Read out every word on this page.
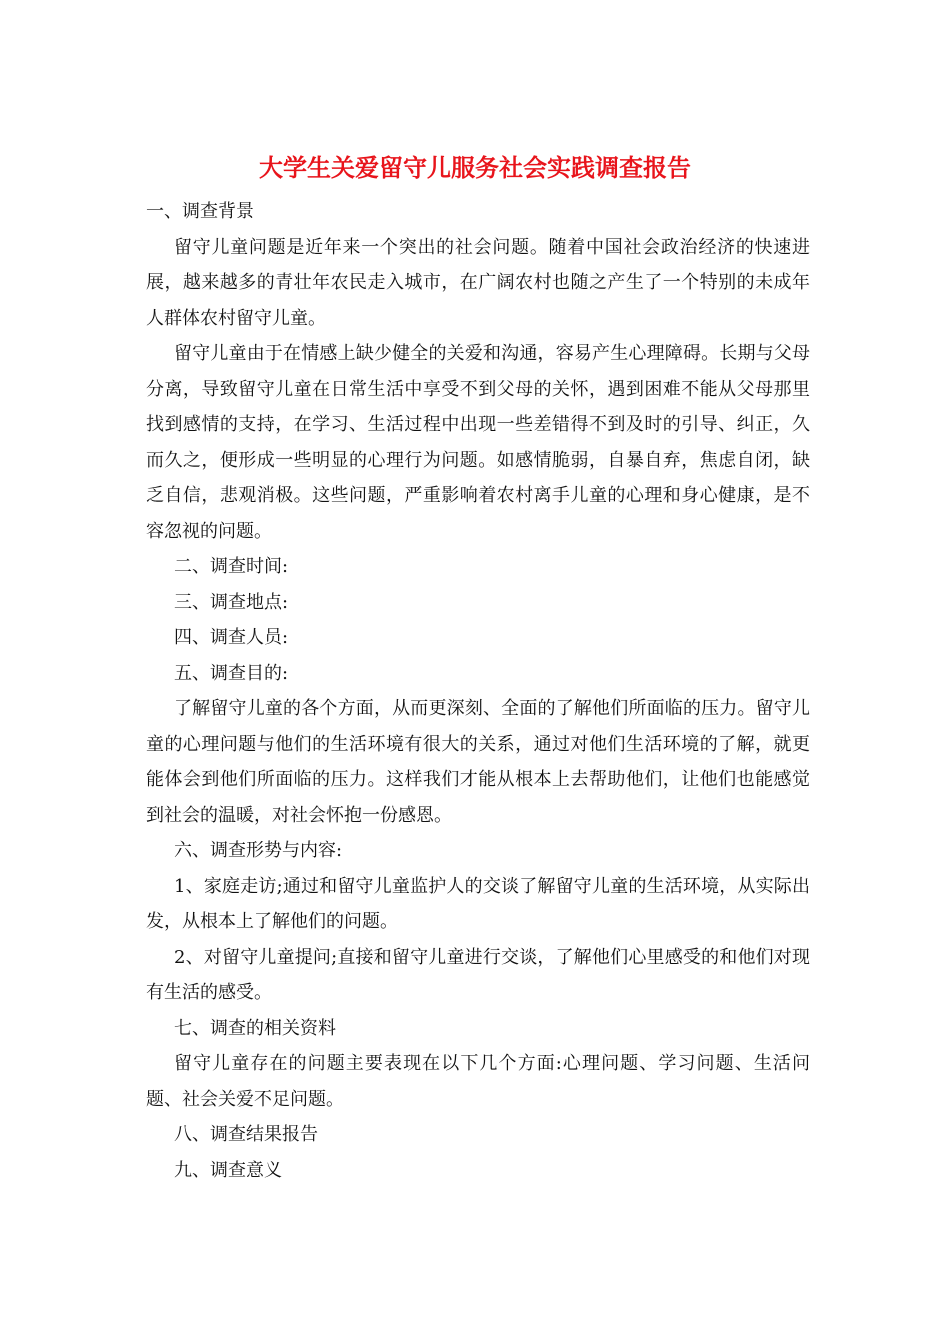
大学生关爱留守儿服务社会实践调查报告

一、调查背景

留守儿童问题是近年来一个突出的社会问题。随着中国社会政治经济的快速进展，越来越多的青壮年农民走入城市，在广阔农村也随之产生了一个特别的未成年人群体农村留守儿童。

留守儿童由于在情感上缺少健全的关爱和沟通，容易产生心理障碍。长期与父母分离，导致留守儿童在日常生活中享受不到父母的关怀，遇到困难不能从父母那里找到感情的支持，在学习、生活过程中出现一些差错得不到及时的引导、纠正，久而久之，便形成一些明显的心理行为问题。如感情脆弱，自暴自弃，焦虑自闭，缺乏自信，悲观消极。这些问题，严重影响着农村离手儿童的心理和身心健康，是不容忽视的问题。

二、调查时间:

三、调查地点:

四、调查人员:

五、调查目的:

了解留守儿童的各个方面，从而更深刻、全面的了解他们所面临的压力。留守儿童的心理问题与他们的生活环境有很大的关系，通过对他们生活环境的了解，就更能体会到他们所面临的压力。这样我们才能从根本上去帮助他们，让他们也能感觉到社会的温暖，对社会怀抱一份感恩。

六、调查形势与内容:

1、家庭走访;通过和留守儿童监护人的交谈了解留守儿童的生活环境，从实际出发，从根本上了解他们的问题。

2、对留守儿童提问;直接和留守儿童进行交谈，了解他们心里感受的和他们对现有生活的感受。

七、调查的相关资料

留守儿童存在的问题主要表现在以下几个方面:心理问题、学习问题、生活问题、社会关爱不足问题。

八、调查结果报告

九、调查意义
